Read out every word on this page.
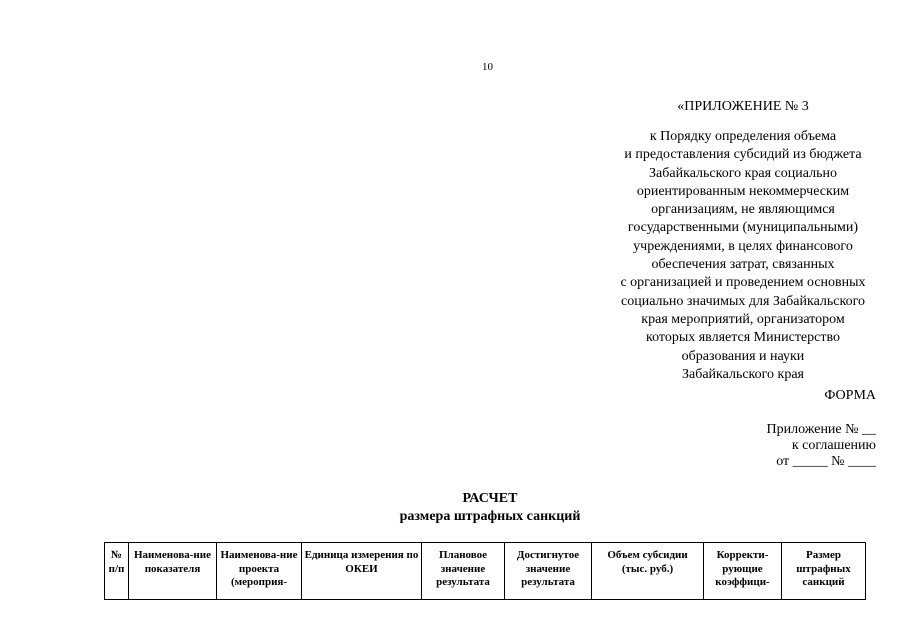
10
«ПРИЛОЖЕНИЕ № 3
к Порядку определения объема
и предоставления субсидий из бюджета
Забайкальского края социально
ориентированным некоммерческим
организациям, не являющимся
государственными (муниципальными)
учреждениями, в целях финансового
обеспечения затрат, связанных
с организацией и проведением основных
социально значимых для Забайкальского
края мероприятий, организатором
которых является Министерство
образования и науки
Забайкальского края
ФОРМА
Приложение № __
к соглашению
от _____ № ____
РАСЧЕТ
размера штрафных санкций
№ п/п	Наименова-ние показателя	Наименова-ние проекта (мероприя-	Единица измерения по ОКЕИ	Плановое значение результата	Достигнутое значение результата	Объем субсидии (тыс. руб.)	Корректи-рующие коэффици-	Размер штрафных санкций
